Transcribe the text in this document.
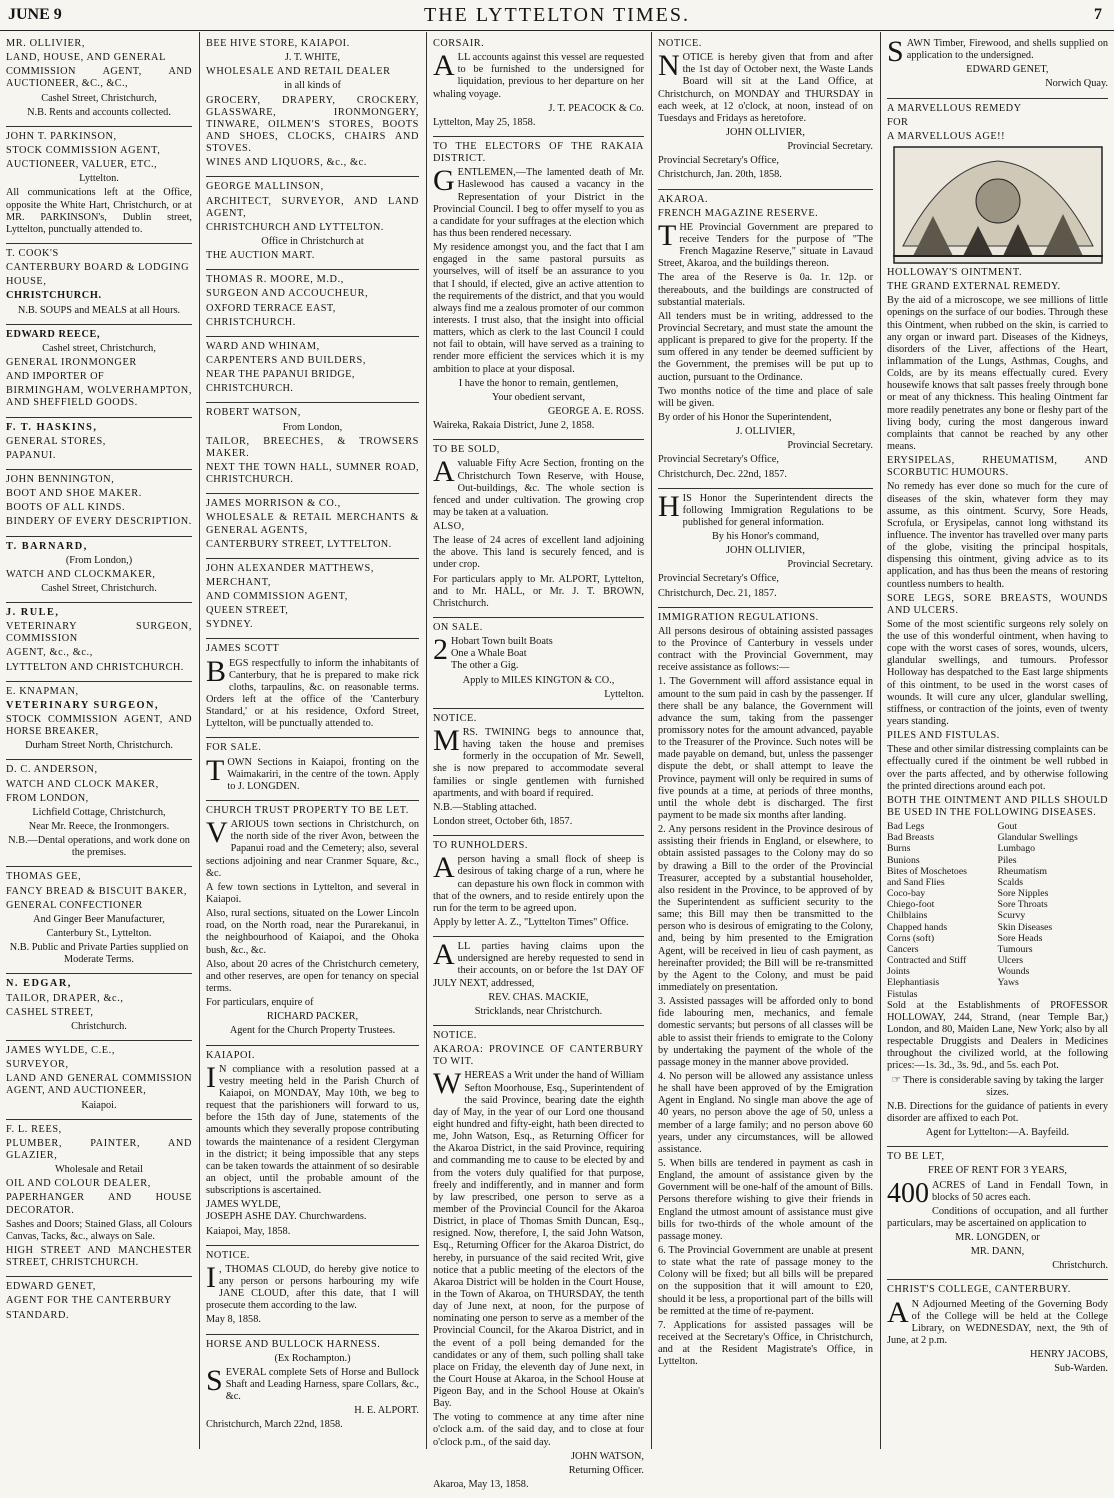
JUNE 9	THE LYTTELTON TIMES.	7

MR. OLLIVIER,

LAND, HOUSE, AND GENERAL

COMMISSION AGENT, AND AUCTIONEER, &C., &C.,

Cashel Street, Christchurch,

N.B. Rents and accounts collected.

JOHN T. PARKINSON,

STOCK COMMISSION AGENT,

AUCTIONEER, VALUER, ETC.,

Lyttelton.

All communications left at the Office, opposite the White Hart, Christchurch, or at MR. PARKINSON's, Dublin street, Lyttelton, punctually attended to.

T. COOK'S

CANTERBURY BOARD & LODGING

HOUSE,

CHRISTCHURCH.

N.B. SOUPS and MEALS at all Hours.

EDWARD REECE,

Cashel street, Christchurch,

GENERAL IRONMONGER

AND IMPORTER OF

BIRMINGHAM, WOLVERHAMPTON, AND SHEFFIELD GOODS.

F. T. HASKINS,

GENERAL STORES,

PAPANUI.

JOHN BENNINGTON,

BOOT AND SHOE MAKER.

BOOTS OF ALL KINDS.

BINDERY OF EVERY DESCRIPTION.

T. BARNARD,

(From London,)

WATCH AND CLOCKMAKER,

Cashel Street, Christchurch.

J. RULE,

VETERINARY SURGEON, COMMISSION

AGENT, &c., &c.,

LYTTELTON AND CHRISTCHURCH.

E. KNAPMAN,

VETERINARY SURGEON,

STOCK COMMISSION AGENT, AND HORSE BREAKER,

Durham Street North, Christchurch.

D. C. ANDERSON,

WATCH AND CLOCK MAKER,

FROM LONDON,

Lichfield Cottage, Christchurch,

Near Mr. Reece, the Ironmongers.

N.B.—Dental operations, and work done on the premises.

THOMAS GEE,

FANCY BREAD & BISCUIT BAKER,

GENERAL CONFECTIONER

And Ginger Beer Manufacturer,

Canterbury St., Lyttelton.

N.B. Public and Private Parties supplied on Moderate Terms.

N. EDGAR,

TAILOR, DRAPER, &c.,

CASHEL STREET,

Christchurch.

JAMES WYLDE, C.E.,

SURVEYOR,

LAND AND GENERAL COMMISSION AGENT, AND AUCTIONEER,

Kaiapoi.

F. L. REES,

PLUMBER, PAINTER, AND GLAZIER,

Wholesale and Retail

OIL AND COLOUR DEALER,

PAPERHANGER AND HOUSE DECORATOR.

Sashes and Doors; Stained Glass, all Colours Canvas, Tacks, &c., always on Sale.

HIGH STREET AND MANCHESTER STREET, CHRISTCHURCH.

EDWARD GENET,

AGENT FOR THE CANTERBURY

STANDARD.

BEE HIVE STORE, KAIAPOI.

J. T. WHITE,

WHOLESALE AND RETAIL DEALER

in all kinds of

GROCERY, DRAPERY, CROCKERY, GLASSWARE, IRONMONGERY, TINWARE, OILMEN'S STORES, BOOTS AND SHOES, CLOCKS, CHAIRS AND STOVES.

WINES AND LIQUORS, &c., &c.

GEORGE MALLINSON,

ARCHITECT, SURVEYOR, AND LAND AGENT,

CHRISTCHURCH AND LYTTELTON.

Office in Christchurch at

THE AUCTION MART.

THOMAS R. MOORE, M.D.,

SURGEON AND ACCOUCHEUR,

OXFORD TERRACE EAST,

CHRISTCHURCH.

WARD AND WHINAM,

CARPENTERS AND BUILDERS,

NEAR THE PAPANUI BRIDGE,

CHRISTCHURCH.

ROBERT WATSON,

From London,

TAILOR, BREECHES, & TROWSERS MAKER.

NEXT THE TOWN HALL, SUMNER ROAD, CHRISTCHURCH.

JAMES MORRISON & CO.,

WHOLESALE & RETAIL MERCHANTS & GENERAL AGENTS,

CANTERBURY STREET, LYTTELTON.

JOHN ALEXANDER MATTHEWS,

MERCHANT,

AND COMMISSION AGENT,

QUEEN STREET,

SYDNEY.

JAMES SCOTT

BEGS respectfully to inform the inhabitants of Canterbury, that he is prepared to make rick cloths, tarpaulins, &c. on reasonable terms. Orders left at the office of the 'Canterbury Standard,' or at his residence, Oxford Street, Lyttelton, will be punctually attended to.

FOR SALE.

TOWN Sections in Kaiapoi, fronting on the Waimakariri, in the centre of the town. Apply to J. LONGDEN.

CHURCH TRUST PROPERTY TO BE LET.

VARIOUS town sections in Christchurch, on the north side of the river Avon, between the Papanui road and the Cemetery; also, several sections adjoining and near Cranmer Square, &c., &c.

A few town sections in Lyttelton, and several in Kaiapoi.

Also, rural sections, situated on the Lower Lincoln road, on the North road, near the Purarekanui, in the neighbourhood of Kaiapoi, and the Ohoka bush, &c., &c.

Also, about 20 acres of the Christchurch cemetery, and other reserves, are open for tenancy on special terms.

For particulars, enquire of

RICHARD PACKER,

Agent for the Church Property Trustees.

KAIAPOI.

I N compliance with a resolution passed at a vestry meeting held in the Parish Church of Kaiapoi, on MONDAY, May 10th, we beg to request that the parishioners will forward to us, before the 15th day of June, statements of the amounts which they severally propose contributing towards the maintenance of a resident Clergyman in the district; it being impossible that any steps can be taken towards the attainment of so desirable an object, until the probable amount of the subscriptions is ascertained.

JAMES WYLDE,
JOSEPH ASHE DAY. Churchwardens.

Kaiapoi, May, 1858.

NOTICE.

I , THOMAS CLOUD, do hereby give notice to any person or persons harbouring my wife JANE CLOUD, after this date, that I will prosecute them according to the law.

May 8, 1858.

HORSE AND BULLOCK HARNESS.

(Ex Rochampton.)

SEVERAL complete Sets of Horse and Bullock Shaft and Leading Harness, spare Collars, &c., &c.

H. E. ALPORT.

Christchurch, March 22nd, 1858.

CORSAIR.

ALL accounts against this vessel are requested to be furnished to the undersigned for liquidation, previous to her departure on her whaling voyage.

J. T. PEACOCK & Co.

Lyttelton, May 25, 1858.

TO THE ELECTORS OF THE RAKAIA DISTRICT.

GENTLEMEN,—The lamented death of Mr. Haslewood has caused a vacancy in the Representation of your District in the Provincial Council. I beg to offer myself to you as a candidate for your suffrages at the election which has thus been rendered necessary.

My residence amongst you, and the fact that I am engaged in the same pastoral pursuits as yourselves, will of itself be an assurance to you that I should, if elected, give an active attention to the requirements of the district, and that you would always find me a zealous promoter of our common interests. I trust also, that the insight into official matters, which as clerk to the last Council I could not fail to obtain, will have served as a training to render more efficient the services which it is my ambition to place at your disposal.

I have the honor to remain, gentlemen,

Your obedient servant,

GEORGE A. E. ROSS.

Waireka, Rakaia District, June 2, 1858.

TO BE SOLD,

Avaluable Fifty Acre Section, fronting on the Christchurch Town Reserve, with House, Out-buildings, &c. The whole section is fenced and under cultivation. The growing crop may be taken at a valuation.

ALSO,

The lease of 24 acres of excellent land adjoining the above. This land is securely fenced, and is under crop.

For particulars apply to Mr. ALPORT, Lyttelton, and to Mr. HALL, or Mr. J. T. BROWN, Christchurch.

ON SALE.

2 Hobart Town built Boats
One a Whale Boat
The other a Gig.

Apply to MILES KINGTON & CO.,

Lyttelton.

NOTICE.

MRS. TWINING begs to announce that, having taken the house and premises formerly in the occupation of Mr. Sewell, she is now prepared to accommodate several families or single gentlemen with furnished apartments, and with board if required.

N.B.—Stabling attached.

London street, October 6th, 1857.

TO RUNHOLDERS.

Aperson having a small flock of sheep is desirous of taking charge of a run, where he can depasture his own flock in common with that of the owners, and to reside entirely upon the run for the term to be agreed upon.

Apply by letter A. Z., "Lyttelton Times" Office.

ALL parties having claims upon the undersigned are hereby requested to send in their accounts, on or before the 1st DAY OF JULY NEXT, addressed,

REV. CHAS. MACKIE,

Stricklands, near Christchurch.

NOTICE.

AKAROA: PROVINCE OF CANTERBURY TO WIT.

WHEREAS a Writ under the hand of William Sefton Moorhouse, Esq., Superintendent of the said Province, bearing date the eighth day of May, in the year of our Lord one thousand eight hundred and fifty-eight, hath been directed to me, John Watson, Esq., as Returning Officer for the Akaroa District, in the said Province, requiring and commanding me to cause to be elected by and from the voters duly qualified for that purpose, freely and indifferently, and in manner and form by law prescribed, one person to serve as a member of the Provincial Council for the Akaroa District, in place of Thomas Smith Duncan, Esq., resigned. Now, therefore, I, the said John Watson, Esq., Returning Officer for the Akaroa District, do hereby, in pursuance of the said recited Writ, give notice that a public meeting of the electors of the Akaroa District will be holden in the Court House, in the Town of Akaroa, on THURSDAY, the tenth day of June next, at noon, for the purpose of nominating one person to serve as a member of the Provincial Council, for the Akaroa District, and in the event of a poll being demanded for the candidates or any of them, such polling shall take place on Friday, the eleventh day of June next, in the Court House at Akaroa, in the School House at Pigeon Bay, and in the School House at Okain's Bay.

The voting to commence at any time after nine o'clock a.m. of the said day, and to close at four o'clock p.m., of the said day.

JOHN WATSON,

Returning Officer.

Akaroa, May 13, 1858.

NOTICE.

NOTICE is hereby given that from and after the 1st day of October next, the Waste Lands Board will sit at the Land Office, at Christchurch, on MONDAY and THURSDAY in each week, at 12 o'clock, at noon, instead of on Tuesdays and Fridays as heretofore.

JOHN OLLIVIER,

Provincial Secretary.

Provincial Secretary's Office,

Christchurch, Jan. 20th, 1858.

AKAROA.

FRENCH MAGAZINE RESERVE.

THE Provincial Government are prepared to receive Tenders for the purpose of "The French Magazine Reserve," situate in Lavaud Street, Akaroa, and the buildings thereon.

The area of the Reserve is 0a. 1r. 12p. or thereabouts, and the buildings are constructed of substantial materials.

All tenders must be in writing, addressed to the Provincial Secretary, and must state the amount the applicant is prepared to give for the property. If the sum offered in any tender be deemed sufficient by the Government, the premises will be put up to auction, pursuant to the Ordinance.

Two months notice of the time and place of sale will be given.

By order of his Honor the Superintendent,

J. OLLIVIER,

Provincial Secretary.

Provincial Secretary's Office,

Christchurch, Dec. 22nd, 1857.

HIS Honor the Superintendent directs the following Immigration Regulations to be published for general information.

By his Honor's command,

JOHN OLLIVIER,

Provincial Secretary.

Provincial Secretary's Office,

Christchurch, Dec. 21, 1857.

IMMIGRATION REGULATIONS.

All persons desirous of obtaining assisted passages to the Province of Canterbury in vessels under contract with the Provincial Government, may receive assistance as follows:—

1. The Government will afford assistance equal in amount to the sum paid in cash by the passenger. If there shall be any balance, the Government will advance the sum, taking from the passenger promissory notes for the amount advanced, payable to the Treasurer of the Province. Such notes will be made payable on demand, but, unless the passenger dispute the debt, or shall attempt to leave the Province, payment will only be required in sums of five pounds at a time, at periods of three months, until the whole debt is discharged. The first payment to be made six months after landing.

2. Any persons resident in the Province desirous of assisting their friends in England, or elsewhere, to obtain assisted passages to the Colony may do so by drawing a Bill to the order of the Provincial Treasurer, accepted by a substantial householder, also resident in the Province, to be approved of by the Superintendent as sufficient security to the same; this Bill may then be transmitted to the person who is desirous of emigrating to the Colony, and, being by him presented to the Emigration Agent, will be received in lieu of cash payment, as hereinafter provided; the Bill will be re-transmitted by the Agent to the Colony, and must be paid immediately on presentation.

3. Assisted passages will be afforded only to bond fide labouring men, mechanics, and female domestic servants; but persons of all classes will be able to assist their friends to emigrate to the Colony by undertaking the payment of the whole of the passage money in the manner above provided.

4. No person will be allowed any assistance unless he shall have been approved of by the Emigration Agent in England. No single man above the age of 40 years, no person above the age of 50, unless a member of a large family; and no person above 60 years, under any circumstances, will be allowed assistance.

5. When bills are tendered in payment as cash in England, the amount of assistance given by the Government will be one-half of the amount of Bills. Persons therefore wishing to give their friends in England the utmost amount of assistance must give bills for two-thirds of the whole amount of the passage money.

6. The Provincial Government are unable at present to state what the rate of passage money to the Colony will be fixed; but all bills will be prepared on the supposition that it will amount to £20, should it be less, a proportional part of the bills will be remitted at the time of re-payment.

7. Applications for assisted passages will be received at the Secretary's Office, in Christchurch, and at the Resident Magistrate's Office, in Lyttelton.

SAWN Timber, Firewood, and shells supplied on application to the undersigned.

EDWARD GENET,

Norwich Quay.

A MARVELLOUS REMEDY

FOR

A MARVELLOUS AGE!!

HOLLOWAY'S OINTMENT.

THE GRAND EXTERNAL REMEDY.

By the aid of a microscope, we see millions of little openings on the surface of our bodies. Through these this Ointment, when rubbed on the skin, is carried to any organ or inward part. Diseases of the Kidneys, disorders of the Liver, affections of the Heart, inflammation of the Lungs, Asthmas, Coughs, and Colds, are by its means effectually cured. Every housewife knows that salt passes freely through bone or meat of any thickness. This healing Ointment far more readily penetrates any bone or fleshy part of the living body, curing the most dangerous inward complaints that cannot be reached by any other means.

ERYSIPELAS, RHEUMATISM, AND SCORBUTIC HUMOURS.

No remedy has ever done so much for the cure of diseases of the skin, whatever form they may assume, as this ointment. Scurvy, Sore Heads, Scrofula, or Erysipelas, cannot long withstand its influence. The inventor has travelled over many parts of the globe, visiting the principal hospitals, dispensing this ointment, giving advice as to its application, and has thus been the means of restoring countless numbers to health.

SORE LEGS, SORE BREASTS, WOUNDS AND ULCERS.

Some of the most scientific surgeons rely solely on the use of this wonderful ointment, when having to cope with the worst cases of sores, wounds, ulcers, glandular swellings, and tumours. Professor Holloway has despatched to the East large shipments of this ointment, to be used in the worst cases of wounds. It will cure any ulcer, glandular swelling, stiffness, or contraction of the joints, even of twenty years standing.

PILES AND FISTULAS.

These and other similar distressing complaints can be effectually cured if the ointment be well rubbed in over the parts affected, and by otherwise following the printed directions around each pot.

BOTH THE OINTMENT AND PILLS SHOULD BE USED IN THE FOLLOWING DISEASES.

Bad Legs
Bad Breasts
Burns
Bunions
Bites of Moschetoes
and Sand Flies
Coco-bay
Chiego-foot
Chilblains
Chapped hands
Corns (soft)
Cancers
Contracted and Stiff
Joints
Elephantiasis
Fistulas
Gout
Glandular Swellings
Lumbago
Piles
Rheumatism
Scalds
Sore Nipples
Sore Throats
Scurvy
Skin Diseases
Sore Heads
Tumours
Ulcers
Wounds
Yaws

Sold at the Establishments of PROFESSOR HOLLOWAY, 244, Strand, (near Temple Bar,) London, and 80, Maiden Lane, New York; also by all respectable Druggists and Dealers in Medicines throughout the civilized world, at the following prices:—1s. 3d., 3s. 9d., and 5s. each Pot.

☞ There is considerable saving by taking the larger sizes.

N.B. Directions for the guidance of patients in every disorder are affixed to each Pot.

Agent for Lyttelton:—A. Bayfeild.

TO BE LET,

FREE OF RENT FOR 3 YEARS,

400 ACRES of Land in Fendall Town, in blocks of 50 acres each.

Conditions of occupation, and all further particulars, may be ascertained on application to

MR. LONGDEN, or

MR. DANN,

Christchurch.

CHRIST'S COLLEGE, CANTERBURY.

A N Adjourned Meeting of the Governing Body of the College will be held at the College Library, on WEDNESDAY, next, the 9th of June, at 2 p.m.

HENRY JACOBS,

Sub-Warden.
